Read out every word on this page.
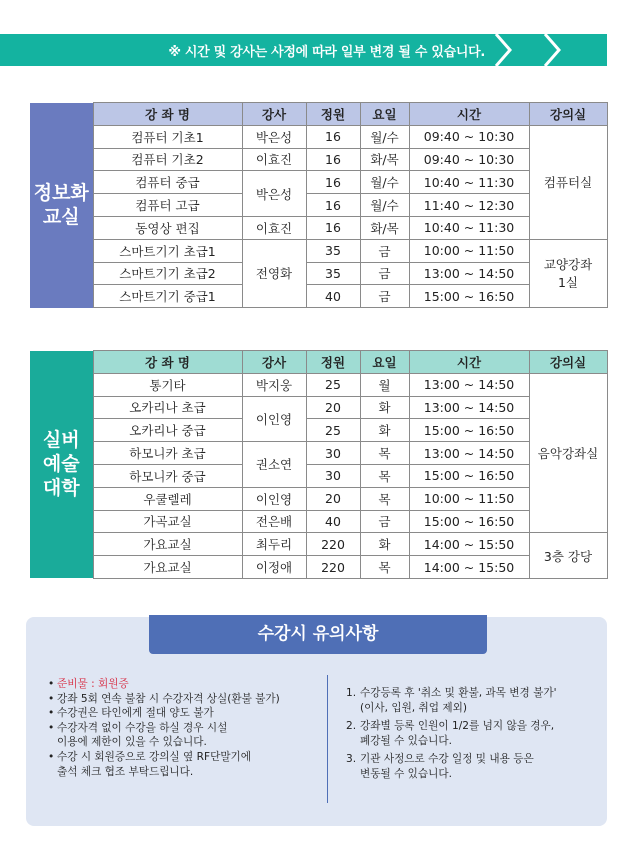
※ 시간 및 강사는 사정에 따라 일부 변경 될 수 있습니다.
정보화
교실	강 좌 명	강사	정원	요일	시간	강의실
	컴퓨터 기초1	박은성	16	월/수	09:40 ~ 10:30	컴퓨터실
	컴퓨터 기초2	이효진	16	화/목	09:40 ~ 10:30	
	컴퓨터 중급	박은성	16	월/수	10:40 ~ 11:30	
	컴퓨터 고급		16	월/수	11:40 ~ 12:30	
	동영상 편집	이효진	16	화/목	10:40 ~ 11:30	
	스마트기기 초급1	전영화	35	금	10:00 ~ 11:50	교양강좌
1실
	스마트기기 초급2		35	금	13:00 ~ 14:50	
	스마트기기 중급1		40	금	15:00 ~ 16:50	
실버
예술
대학	강 좌 명	강사	정원	요일	시간	강의실
	통기타	박지웅	25	월	13:00 ~ 14:50	음악강좌실
	오카리나 초급	이인영	20	화	13:00 ~ 14:50	
	오카리나 중급		25	화	15:00 ~ 16:50	
	하모니카 초급	권소연	30	목	13:00 ~ 14:50	
	하모니카 중급		30	목	15:00 ~ 16:50	
	우쿨렐레	이인영	20	목	10:00 ~ 11:50	
	가곡교실	전은배	40	금	15:00 ~ 16:50	
	가요교실	최두리	220	화	14:00 ~ 15:50	3층 강당
	가요교실	이정애	220	목	14:00 ~ 15:50	
수강시 유의사항
• 준비물 : 회원증
• 강좌 5회 연속 불참 시 수강자격 상실(환불 불가)
• 수강권은 타인에게 절대 양도 불가
• 수강자격 없이 수강을 하실 경우 시설
이용에 제한이 있을 수 있습니다.
• 수강 시 회원증으로 강의실 옆 RF단말기에
출석 체크 협조 부탁드립니다.
1. 수강등록 후 '취소 및 환불, 과목 변경 불가'
(이사, 입원, 취업 제외)
2. 강좌별 등록 인원이 1/2를 넘지 않을 경우,
폐강될 수 있습니다.
3. 기관 사정으로 수강 일정 및 내용 등은
변동될 수 있습니다.
